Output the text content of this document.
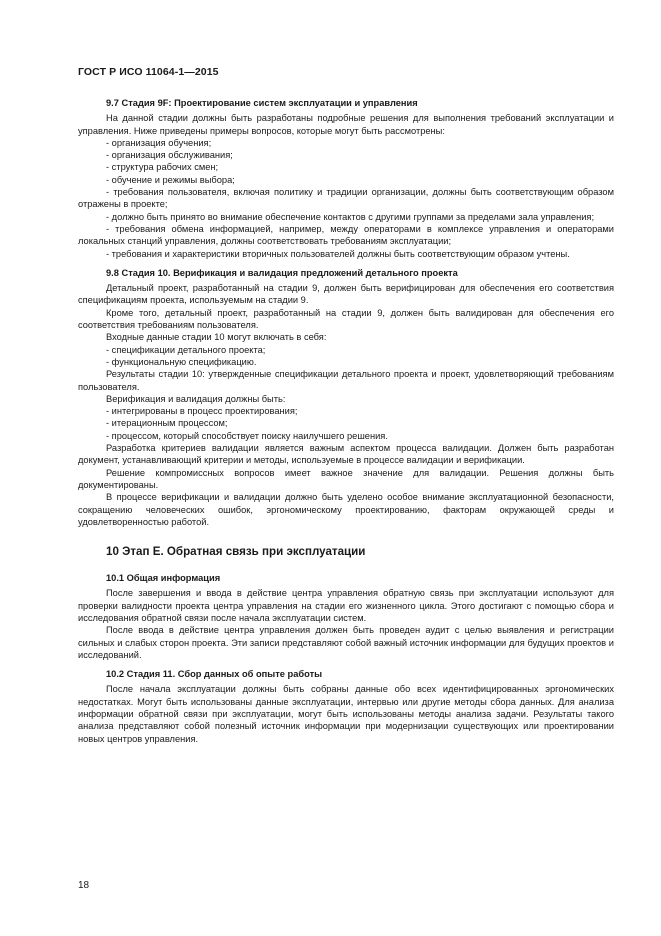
ГОСТ Р ИСО 11064-1—2015

9.7 Стадия 9F: Проектирование систем эксплуатации и управления

На данной стадии должны быть разработаны подробные решения для выполнения требований эксплуатации и управления. Ниже приведены примеры вопросов, которые могут быть рассмотрены:

- организация обучения;

- организация обслуживания;

- структура рабочих смен;

- обучение и режимы выбора;

- требования пользователя, включая политику и традиции организации, должны быть соответствующим образом отражены в проекте;

- должно быть принято во внимание обеспечение контактов с другими группами за пределами зала управления;

- требования обмена информацией, например, между операторами в комплексе управления и операторами локальных станций управления, должны соответствовать требованиям эксплуатации;

- требования и характеристики вторичных пользователей должны быть соответствующим образом учтены.

9.8 Стадия 10. Верификация и валидация предложений детального проекта

Детальный проект, разработанный на стадии 9, должен быть верифицирован для обеспечения его соответствия спецификациям проекта, используемым на стадии 9.

Кроме того, детальный проект, разработанный на стадии 9, должен быть валидирован для обеспечения его соответствия требованиям пользователя.

Входные данные стадии 10 могут включать в себя:

- спецификации детального проекта;

- функциональную спецификацию.

Результаты стадии 10: утвержденные спецификации детального проекта и проект, удовлетворяющий требованиям пользователя.

Верификация и валидация должны быть:

- интегрированы в процесс проектирования;

- итерационным процессом;

- процессом, который способствует поиску наилучшего решения.

Разработка критериев валидации является важным аспектом процесса валидации. Должен быть разработан документ, устанавливающий критерии и методы, используемые в процессе валидации и верификации.

Решение компромиссных вопросов имеет важное значение для валидации. Решения должны быть документированы.

В процессе верификации и валидации должно быть уделено особое внимание эксплуатационной безопасности, сокращению человеческих ошибок, эргономическому проектированию, факторам окружающей среды и удовлетворенностью работой.

10 Этап Е. Обратная связь при эксплуатации

10.1 Общая информация

После завершения и ввода в действие центра управления обратную связь при эксплуатации используют для проверки валидности проекта центра управления на стадии его жизненного цикла. Этого достигают с помощью сбора и исследования обратной связи после начала эксплуатации систем.

После ввода в действие центра управления должен быть проведен аудит с целью выявления и регистрации сильных и слабых сторон проекта. Эти записи представляют собой важный источник информации для будущих проектов и исследований.

10.2 Стадия 11. Сбор данных об опыте работы

После начала эксплуатации должны быть собраны данные обо всех идентифицированных эргономических недостатках. Могут быть использованы данные эксплуатации, интервью или другие методы сбора данных. Для анализа информации обратной связи при эксплуатации, могут быть использованы методы анализа задачи. Результаты такого анализа представляют собой полезный источник информации при модернизации существующих или проектировании новых центров управления.

18
